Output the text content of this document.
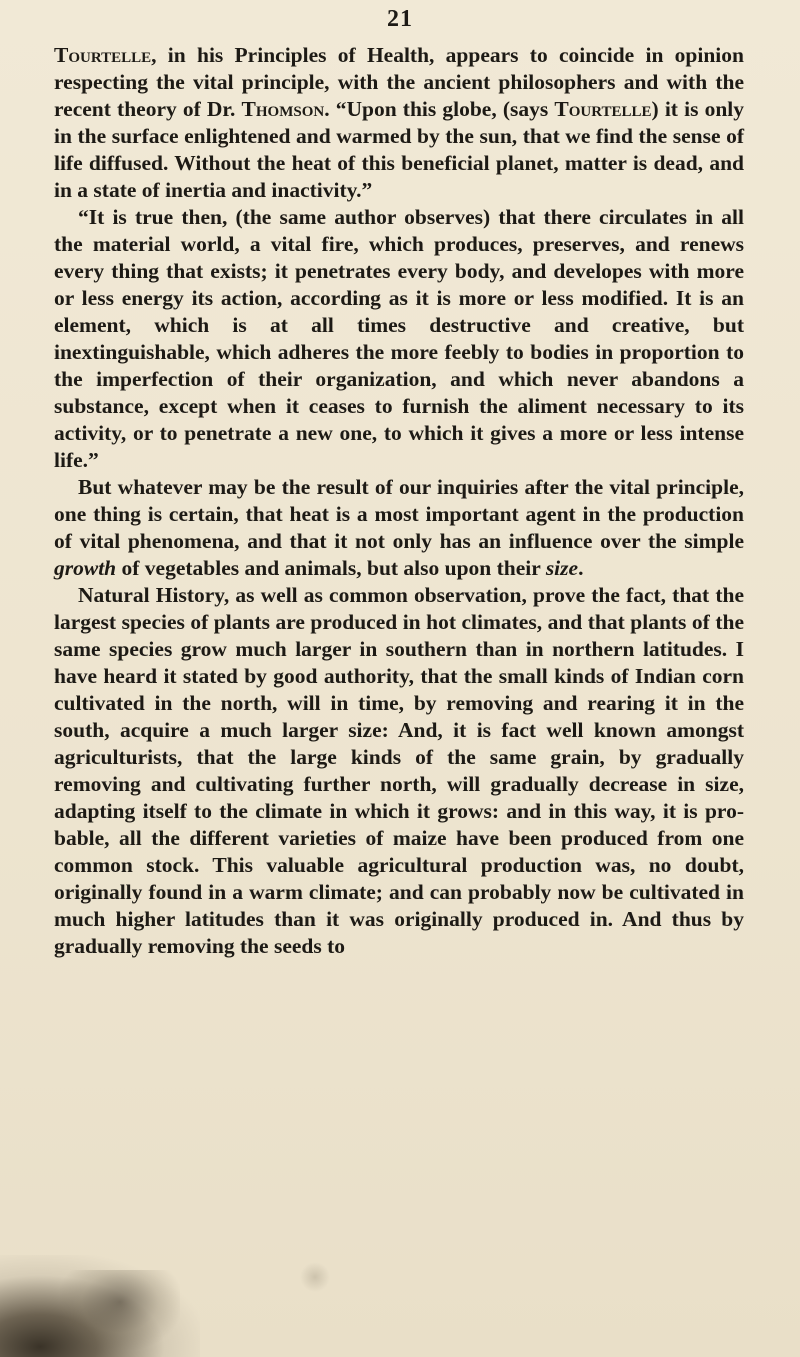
21

Tourtelle, in his Principles of Health, appears to coincide in opinion respecting the vital principle, with the ancient philosophers and with the recent theory of Dr. Thomson. “Upon this globe, (says Tourtelle) it is only in the surface enlightened and warmed by the sun, that we find the sense of life diffused. Without the heat of this beneficial planet, matter is dead, and in a state of inertia and inactivity.”

“It is true then, (the same author observes) that there circulates in all the material world, a vital fire, which produces, preserves, and renews every thing that exists; it penetrates every body, and developes with more or less energy its action, according as it is more or less modified. It is an element, which is at all times destructive and creative, but inextinguishable, which adheres the more feebly to bodies in proportion to the imperfection of their organization, and which never abandons a substance, except when it ceases to furnish the aliment necessary to its activity, or to penetrate a new one, to which it gives a more or less intense life.”

But whatever may be the result of our inquiries after the vital principle, one thing is certain, that heat is a most important agent in the production of vital phenomena, and that it not only has an influence over the simple growth of vegetables and animals, but also upon their size.

Natural History, as well as common observation, prove the fact, that the largest species of plants are produced in hot climates, and that plants of the same species grow much larger in southern than in northern latitudes. I have heard it stated by good authority, that the small kinds of Indian corn cultivated in the north, will in time, by removing and rearing it in the south, acquire a much larger size: And, it is fact well known amongst agriculturists, that the large kinds of the same grain, by gradually removing and cultivating further north, will gradually decrease in size, adapting itself to the climate in which it grows: and in this way, it is probable, all the different varieties of maize have been produced from one common stock. This valuable agricultural production was, no doubt, originally found in a warm climate; and can probably now be cultivated in much higher latitudes than it was originally produced in. And thus by gradually removing the seeds to
